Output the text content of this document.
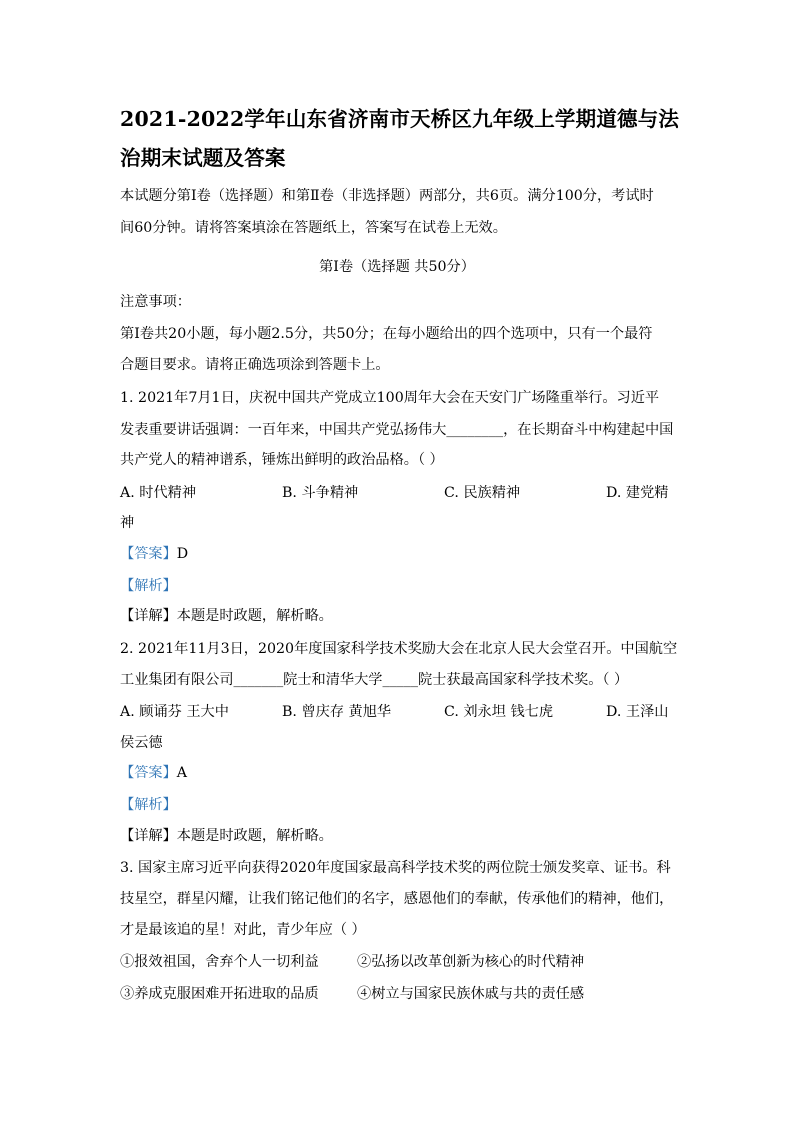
2021-2022学年山东省济南市天桥区九年级上学期道德与法
治期末试题及答案
本试题分第Ⅰ卷（选择题）和第Ⅱ卷（非选择题）两部分，共6页。满分100分，考试时
间60分钟。请将答案填涂在答题纸上，答案写在试卷上无效。
第Ⅰ卷（选择题 共50分）
注意事项：
第Ⅰ卷共20小题，每小题2.5分，共50分；在每小题给出的四个选项中，只有一个最符
合题目要求。请将正确选项涂到答题卡上。
1. 2021年7月1日，庆祝中国共产党成立100周年大会在天安门广场隆重举行。习近平
发表重要讲话强调：一百年来，中国共产党弘扬伟大________，在长期奋斗中构建起中国
共产党人的精神谱系，锤炼出鲜明的政治品格。（ ）
A. 时代精神	B. 斗争精神	C. 民族精神	D. 建党精
神
【答案】D
【解析】
【详解】本题是时政题，解析略。
2. 2021年11月3日，2020年度国家科学技术奖励大会在北京人民大会堂召开。中国航空
工业集团有限公司_______院士和清华大学_____院士获最高国家科学技术奖。（ ）
A. 顾诵芬 王大中	B. 曾庆存 黄旭华	C. 刘永坦 钱七虎	D. 王泽山
侯云德
【答案】A
【解析】
【详解】本题是时政题，解析略。
3. 国家主席习近平向获得2020年度国家最高科学技术奖的两位院士颁发奖章、证书。科
技星空，群星闪耀，让我们铭记他们的名字，感恩他们的奉献，传承他们的精神，他们，
才是最该追的星！对此，青少年应（ ）
①报效祖国，舍弃个人一切利益	②弘扬以改革创新为核心的时代精神
③养成克服困难开拓进取的品质	④树立与国家民族休戚与共的责任感
